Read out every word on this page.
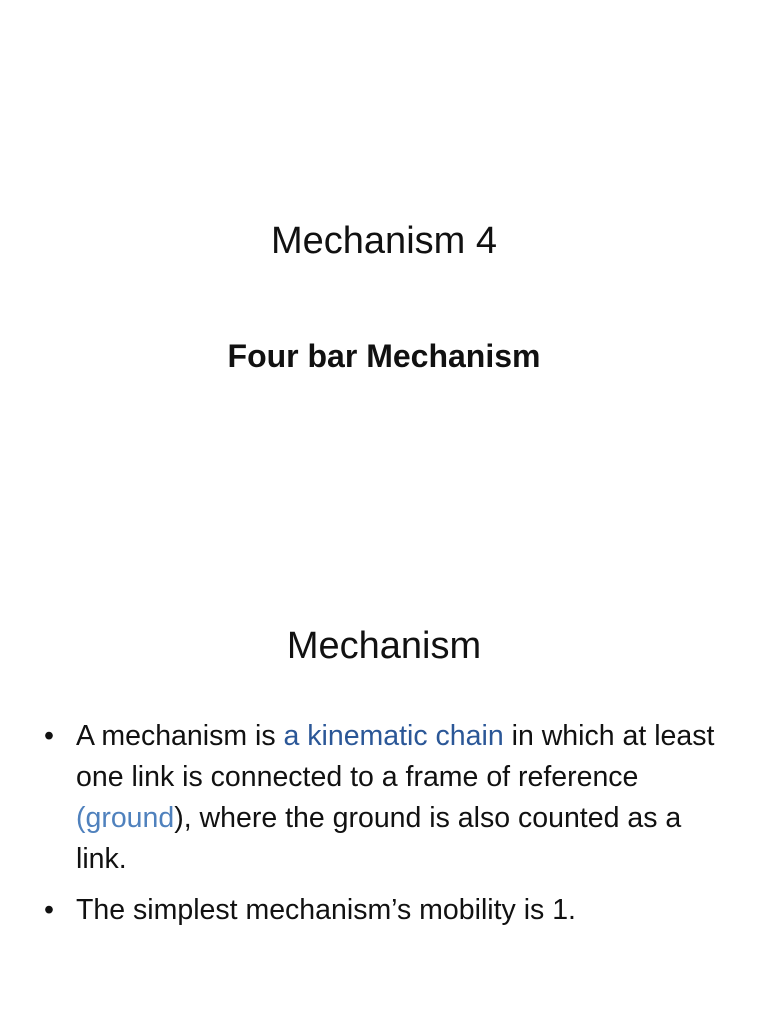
Mechanism 4
Four bar Mechanism
Mechanism
• A mechanism is a kinematic chain in which at least one link is connected to a frame of reference (ground), where the ground is also counted as a link.
• The simplest mechanism’s mobility is 1.
